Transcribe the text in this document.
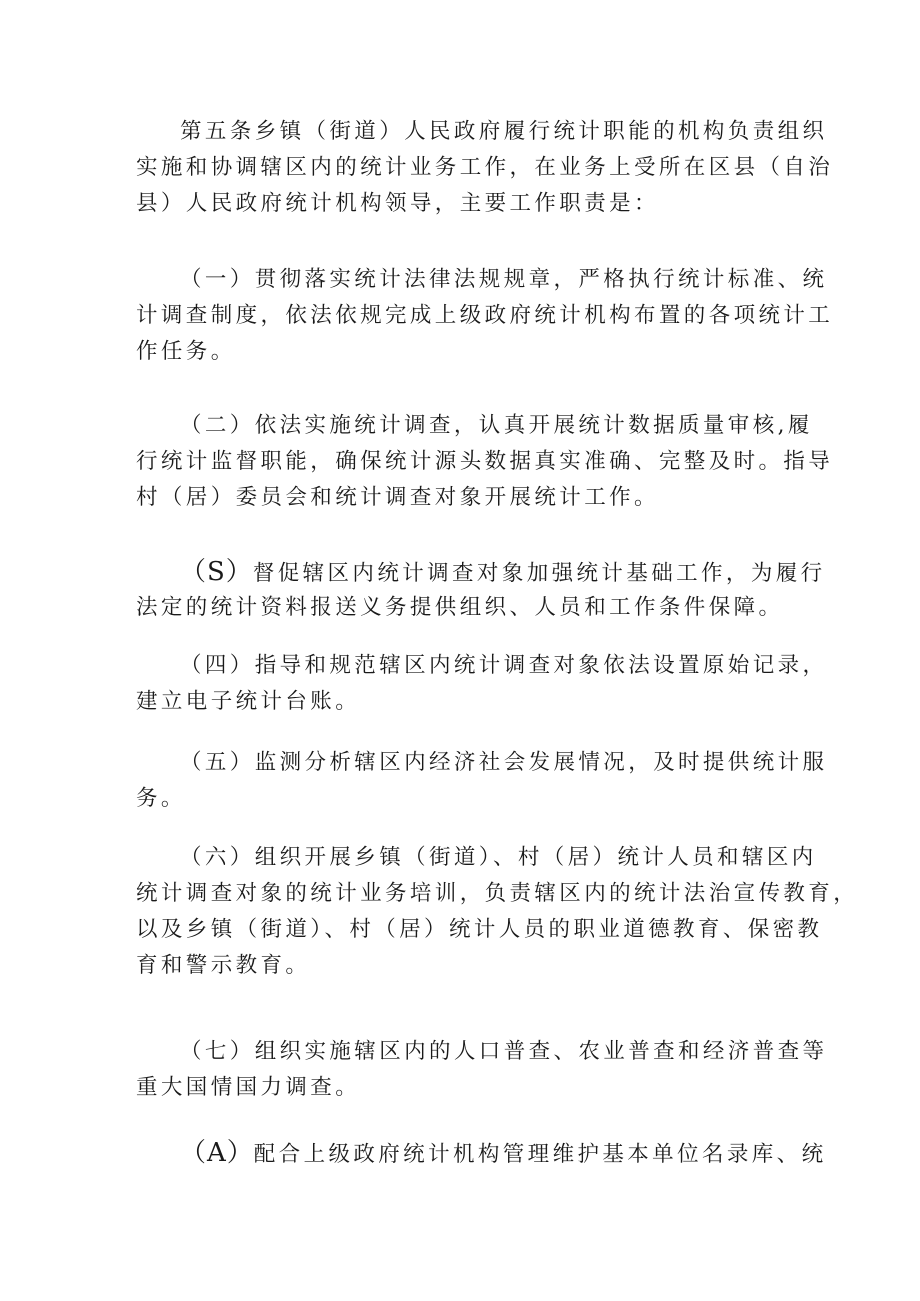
第五条乡镇（街道）人民政府履行统计职能的机构负责组织
实施和协调辖区内的统计业务工作，在业务上受所在区县（自治
县）人民政府统计机构领导，主要工作职责是：
（一）贯彻落实统计法律法规规章，严格执行统计标准、统
计调查制度，依法依规完成上级政府统计机构布置的各项统计工
作任务。
（二）依法实施统计调查，认真开展统计数据质量审核,履
行统计监督职能，确保统计源头数据真实准确、完整及时。指导
村（居）委员会和统计调查对象开展统计工作。
（S）督促辖区内统计调查对象加强统计基础工作，为履行
法定的统计资料报送义务提供组织、人员和工作条件保障。
（四）指导和规范辖区内统计调查对象依法设置原始记录，
建立电子统计台账。
（五）监测分析辖区内经济社会发展情况，及时提供统计服
务。
（六）组织开展乡镇（街道）、村（居）统计人员和辖区内
统计调查对象的统计业务培训，负责辖区内的统计法治宣传教育，
以及乡镇（街道）、村（居）统计人员的职业道德教育、保密教
育和警示教育。
（七）组织实施辖区内的人口普查、农业普查和经济普查等
重大国情国力调查。
（A）配合上级政府统计机构管理维护基本单位名录库、统
